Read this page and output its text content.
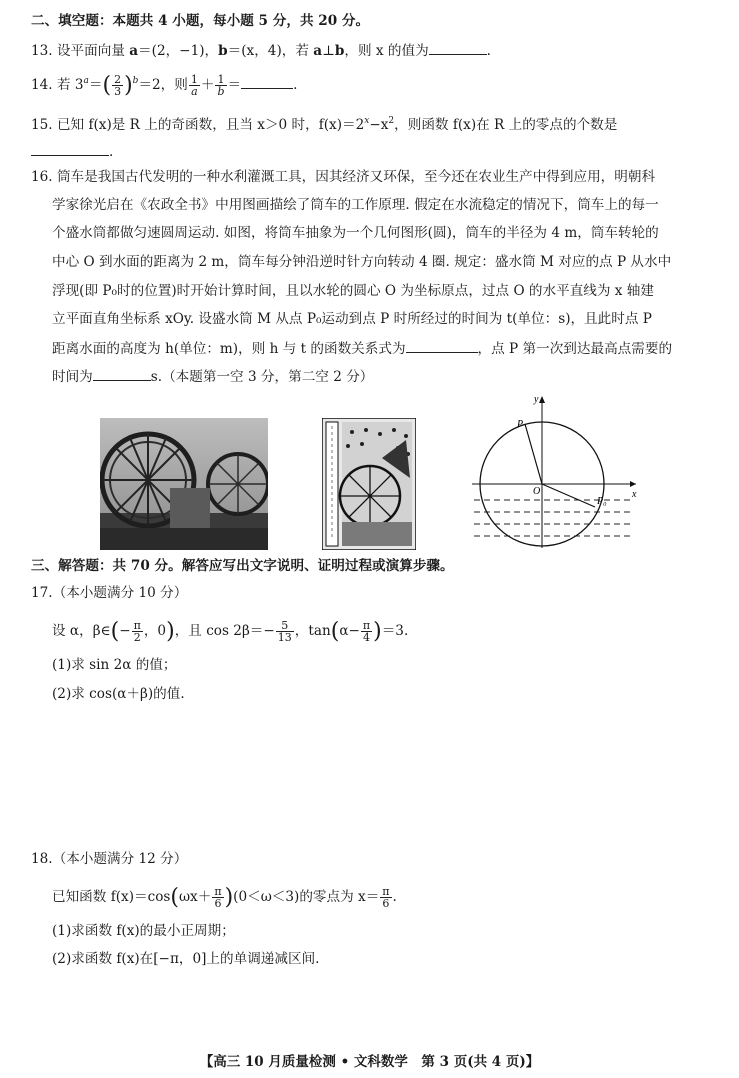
二、填空题：本题共 4 小题，每小题 5 分，共 20 分。
13. 设平面向量 a＝(2，−1)，b＝(x，4)，若 a⊥b，则 x 的值为	.
14. 若 $3^a=( \frac{2}{3} )^b=2$，则 $\frac{1}{a} + \frac{1}{b}$ ＝	.
15. 已知 f(x)是 R 上的奇函数，且当 x＞0 时，$f(x)=2^x-x^2$，则函数 f(x)在 R 上的零点的个数是
.
16. 筒车是我国古代发明的一种水利灌溉工具，因其经济又环保，至今还在农业生产中得到应用，明朝科
学家徐光启在《农政全书》中用图画描绘了筒车的工作原理. 假定在水流稳定的情况下，筒车上的每一
个盛水筒都做匀速圆周运动. 如图，将筒车抽象为一个几何图形(圆)，筒车的半径为 4 m，筒车转轮的
中心 O 到水面的距离为 2 m，筒车每分钟沿逆时针方向转动 4 圈. 规定：盛水筒 M 对应的点 P 从水中
浮现(即 P₀时的位置)时开始计算时间，且以水轮的圆心 O 为坐标原点，过点 O 的水平直线为 x 轴建
立平面直角坐标系 xOy. 设盛水筒 M 从点 P₀运动到点 P 时所经过的时间为 t(单位：s)，且此时点 P
距离水面的高度为 h(单位：m)，则 h 与 t 的函数关系式为	，点 P 第一次到达最高点需要的
时间为	s.（本题第一空 3 分，第二空 2 分）
y
x
O
P
P₀
三、解答题：共 70 分。解答应写出文字说明、证明过程或演算步骤。
17.（本小题满分 10 分）
设 α，β∈(− $\frac{\pi}{2}$ ，0)，且 $\cos 2\beta=- \frac{5}{13}$ ，$\tan(\alpha- \frac{\pi}{4} )=3$.
(1)求 sin 2α 的值；
(2)求 cos(α＋β)的值.
18.（本小题满分 12 分）
已知函数 $f(x)=\cos(\omega x+ \frac{\pi}{6} )(0<\omega<3)$的零点为 $x= \frac{\pi}{6}$ .
(1)求函数 f(x)的最小正周期；
(2)求函数 f(x)在[−π，0]上的单调递减区间.
【高三 10 月质量检测 • 文科数学　第 3 页(共 4 页)】
